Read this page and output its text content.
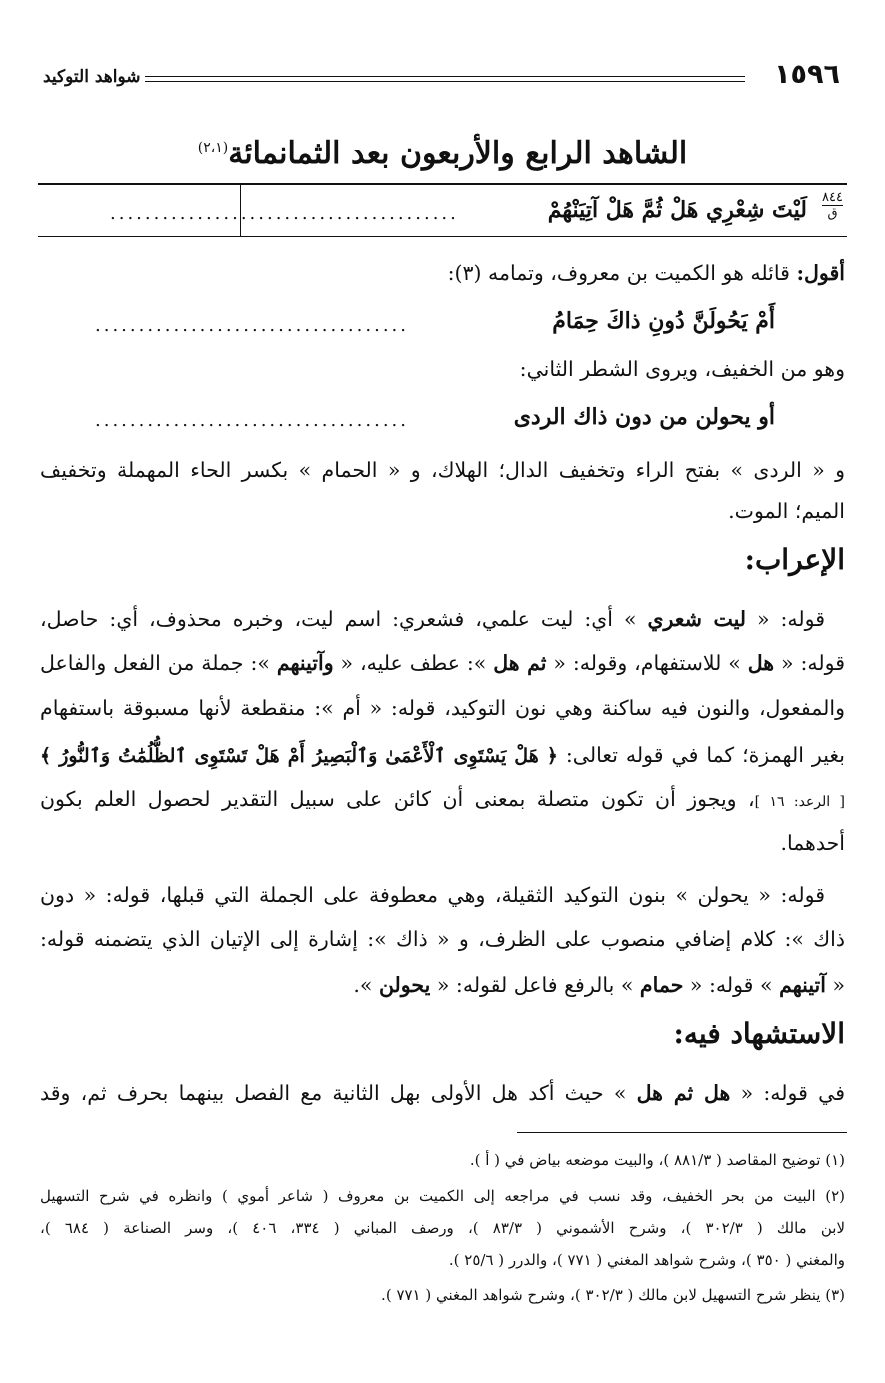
١٥٩٦
شواهد التوكيد
الشاهد الرابع والأربعون بعد الثمانمائة$^{(٢،١)}$
٨٤٤
ق
لَيْتَ شِعْرِي هَلْ ثُمَّ هَلْ آتِيَنْهُمْ
........................................
أقول: قائله هو الكميت بن معروف، وتمامه (٣):
أَمْ يَحُولَنَّ دُونِ ذاكَ حِمَامُ
....................................
وهو من الخفيف، ويروى الشطر الثاني:
أو يحولن من دون ذاك الردى
....................................
و « الردى » بفتح الراء وتخفيف الدال؛ الهلاك، و « الحمام » بكسر الحاء المهملة وتخفيف
الميم؛ الموت.
الإعراب:
قوله: « ليت شعري » أي: ليت علمي، فشعري: اسم ليت، وخبره محذوف، أي: حاصل،
قوله: « هل » للاستفهام، وقوله: « ثم هل »: عطف عليه، « وآتينهم »: جملة من الفعل والفاعل
والمفعول، والنون فيه ساكنة وهي نون التوكيد، قوله: « أم »: منقطعة لأنها مسبوقة باستفهام
بغير الهمزة؛ كما في قوله تعالى: ﴿ هَلْ يَسْتَوِى ٱلْأَعْمَىٰ وَٱلْبَصِيرُ أَمْ هَلْ تَسْتَوِى ٱلظُّلُمَٰتُ وَٱلنُّورُ ﴾
[ الرعد: ١٦ ]، ويجوز أن تكون متصلة بمعنى أن كائن على سبيل التقدير لحصول العلم بكون
أحدهما.
قوله: « يحولن » بنون التوكيد الثقيلة، وهي معطوفة على الجملة التي قبلها، قوله: « دون
ذاك »: كلام إضافي منصوب على الظرف، و « ذاك »: إشارة إلى الإتيان الذي يتضمنه قوله:
« آتينهم » قوله: « حمام » بالرفع فاعل لقوله: « يحولن ».
الاستشهاد فيه:
في قوله: « هل ثم هل » حيث أكد هل الأولى بهل الثانية مع الفصل بينهما بحرف ثم، وقد
(١) توضيح المقاصد ( ٨٨١/٣ )، والبيت موضعه بياض في ( أ ).
(٢) البيت من بحر الخفيف، وقد نسب في مراجعه إلى الكميت بن معروف ( شاعر أموي ) وانظره في شرح التسهيل
لابن مالك ( ٣٠٢/٣ )، وشرح الأشموني ( ٨٣/٣ )، ورصف المباني ( ٣٣٤، ٤٠٦ )، وسر الصناعة ( ٦٨٤ )،
والمغني ( ٣٥٠ )، وشرح شواهد المغني ( ٧٧١ )، والدرر ( ٢٥/٦ ).
(٣) ينظر شرح التسهيل لابن مالك ( ٣٠٢/٣ )، وشرح شواهد المغني ( ٧٧١ ).
